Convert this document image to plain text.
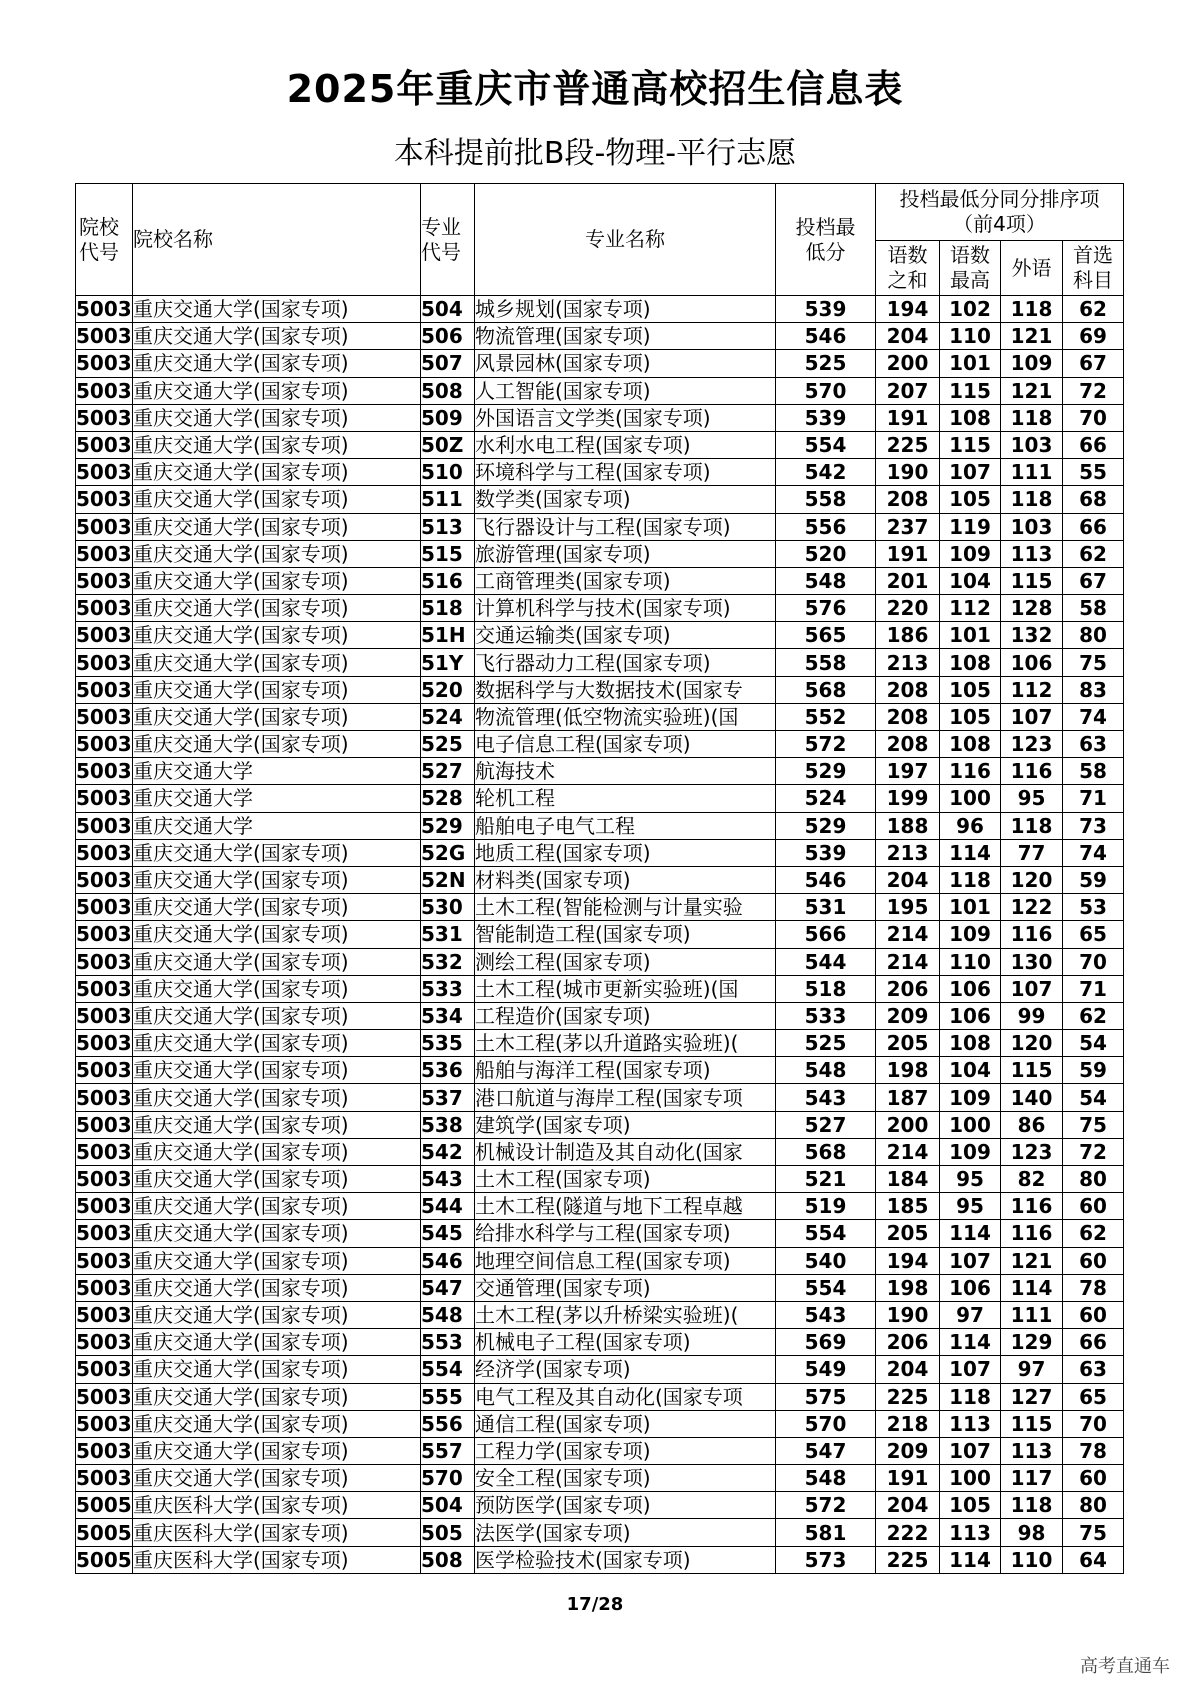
2025年重庆市普通高校招生信息表
本科提前批B段-物理-平行志愿
院校代号	院校名称	专业代号	专业名称	投档最低分	投档最低分同分排序项（前4项）			
					语数之和	语数最高	外语	首选科目
5003	重庆交通大学(国家专项)	504	城乡规划(国家专项)	539	194	102	118	62
5003	重庆交通大学(国家专项)	506	物流管理(国家专项)	546	204	110	121	69
5003	重庆交通大学(国家专项)	507	风景园林(国家专项)	525	200	101	109	67
5003	重庆交通大学(国家专项)	508	人工智能(国家专项)	570	207	115	121	72
5003	重庆交通大学(国家专项)	509	外国语言文学类(国家专项)	539	191	108	118	70
5003	重庆交通大学(国家专项)	50Z	水利水电工程(国家专项)	554	225	115	103	66
5003	重庆交通大学(国家专项)	510	环境科学与工程(国家专项)	542	190	107	111	55
5003	重庆交通大学(国家专项)	511	数学类(国家专项)	558	208	105	118	68
5003	重庆交通大学(国家专项)	513	飞行器设计与工程(国家专项)	556	237	119	103	66
5003	重庆交通大学(国家专项)	515	旅游管理(国家专项)	520	191	109	113	62
5003	重庆交通大学(国家专项)	516	工商管理类(国家专项)	548	201	104	115	67
5003	重庆交通大学(国家专项)	518	计算机科学与技术(国家专项)	576	220	112	128	58
5003	重庆交通大学(国家专项)	51H	交通运输类(国家专项)	565	186	101	132	80
5003	重庆交通大学(国家专项)	51Y	飞行器动力工程(国家专项)	558	213	108	106	75
5003	重庆交通大学(国家专项)	520	数据科学与大数据技术(国家专	568	208	105	112	83
5003	重庆交通大学(国家专项)	524	物流管理(低空物流实验班)(国	552	208	105	107	74
5003	重庆交通大学(国家专项)	525	电子信息工程(国家专项)	572	208	108	123	63
5003	重庆交通大学	527	航海技术	529	197	116	116	58
5003	重庆交通大学	528	轮机工程	524	199	100	95	71
5003	重庆交通大学	529	船舶电子电气工程	529	188	96	118	73
5003	重庆交通大学(国家专项)	52G	地质工程(国家专项)	539	213	114	77	74
5003	重庆交通大学(国家专项)	52N	材料类(国家专项)	546	204	118	120	59
5003	重庆交通大学(国家专项)	530	土木工程(智能检测与计量实验	531	195	101	122	53
5003	重庆交通大学(国家专项)	531	智能制造工程(国家专项)	566	214	109	116	65
5003	重庆交通大学(国家专项)	532	测绘工程(国家专项)	544	214	110	130	70
5003	重庆交通大学(国家专项)	533	土木工程(城市更新实验班)(国	518	206	106	107	71
5003	重庆交通大学(国家专项)	534	工程造价(国家专项)	533	209	106	99	62
5003	重庆交通大学(国家专项)	535	土木工程(茅以升道路实验班)(	525	205	108	120	54
5003	重庆交通大学(国家专项)	536	船舶与海洋工程(国家专项)	548	198	104	115	59
5003	重庆交通大学(国家专项)	537	港口航道与海岸工程(国家专项	543	187	109	140	54
5003	重庆交通大学(国家专项)	538	建筑学(国家专项)	527	200	100	86	75
5003	重庆交通大学(国家专项)	542	机械设计制造及其自动化(国家	568	214	109	123	72
5003	重庆交通大学(国家专项)	543	土木工程(国家专项)	521	184	95	82	80
5003	重庆交通大学(国家专项)	544	土木工程(隧道与地下工程卓越	519	185	95	116	60
5003	重庆交通大学(国家专项)	545	给排水科学与工程(国家专项)	554	205	114	116	62
5003	重庆交通大学(国家专项)	546	地理空间信息工程(国家专项)	540	194	107	121	60
5003	重庆交通大学(国家专项)	547	交通管理(国家专项)	554	198	106	114	78
5003	重庆交通大学(国家专项)	548	土木工程(茅以升桥梁实验班)(	543	190	97	111	60
5003	重庆交通大学(国家专项)	553	机械电子工程(国家专项)	569	206	114	129	66
5003	重庆交通大学(国家专项)	554	经济学(国家专项)	549	204	107	97	63
5003	重庆交通大学(国家专项)	555	电气工程及其自动化(国家专项	575	225	118	127	65
5003	重庆交通大学(国家专项)	556	通信工程(国家专项)	570	218	113	115	70
5003	重庆交通大学(国家专项)	557	工程力学(国家专项)	547	209	107	113	78
5003	重庆交通大学(国家专项)	570	安全工程(国家专项)	548	191	100	117	60
5005	重庆医科大学(国家专项)	504	预防医学(国家专项)	572	204	105	118	80
5005	重庆医科大学(国家专项)	505	法医学(国家专项)	581	222	113	98	75
5005	重庆医科大学(国家专项)	508	医学检验技术(国家专项)	573	225	114	110	64
17/28
高考直通车
